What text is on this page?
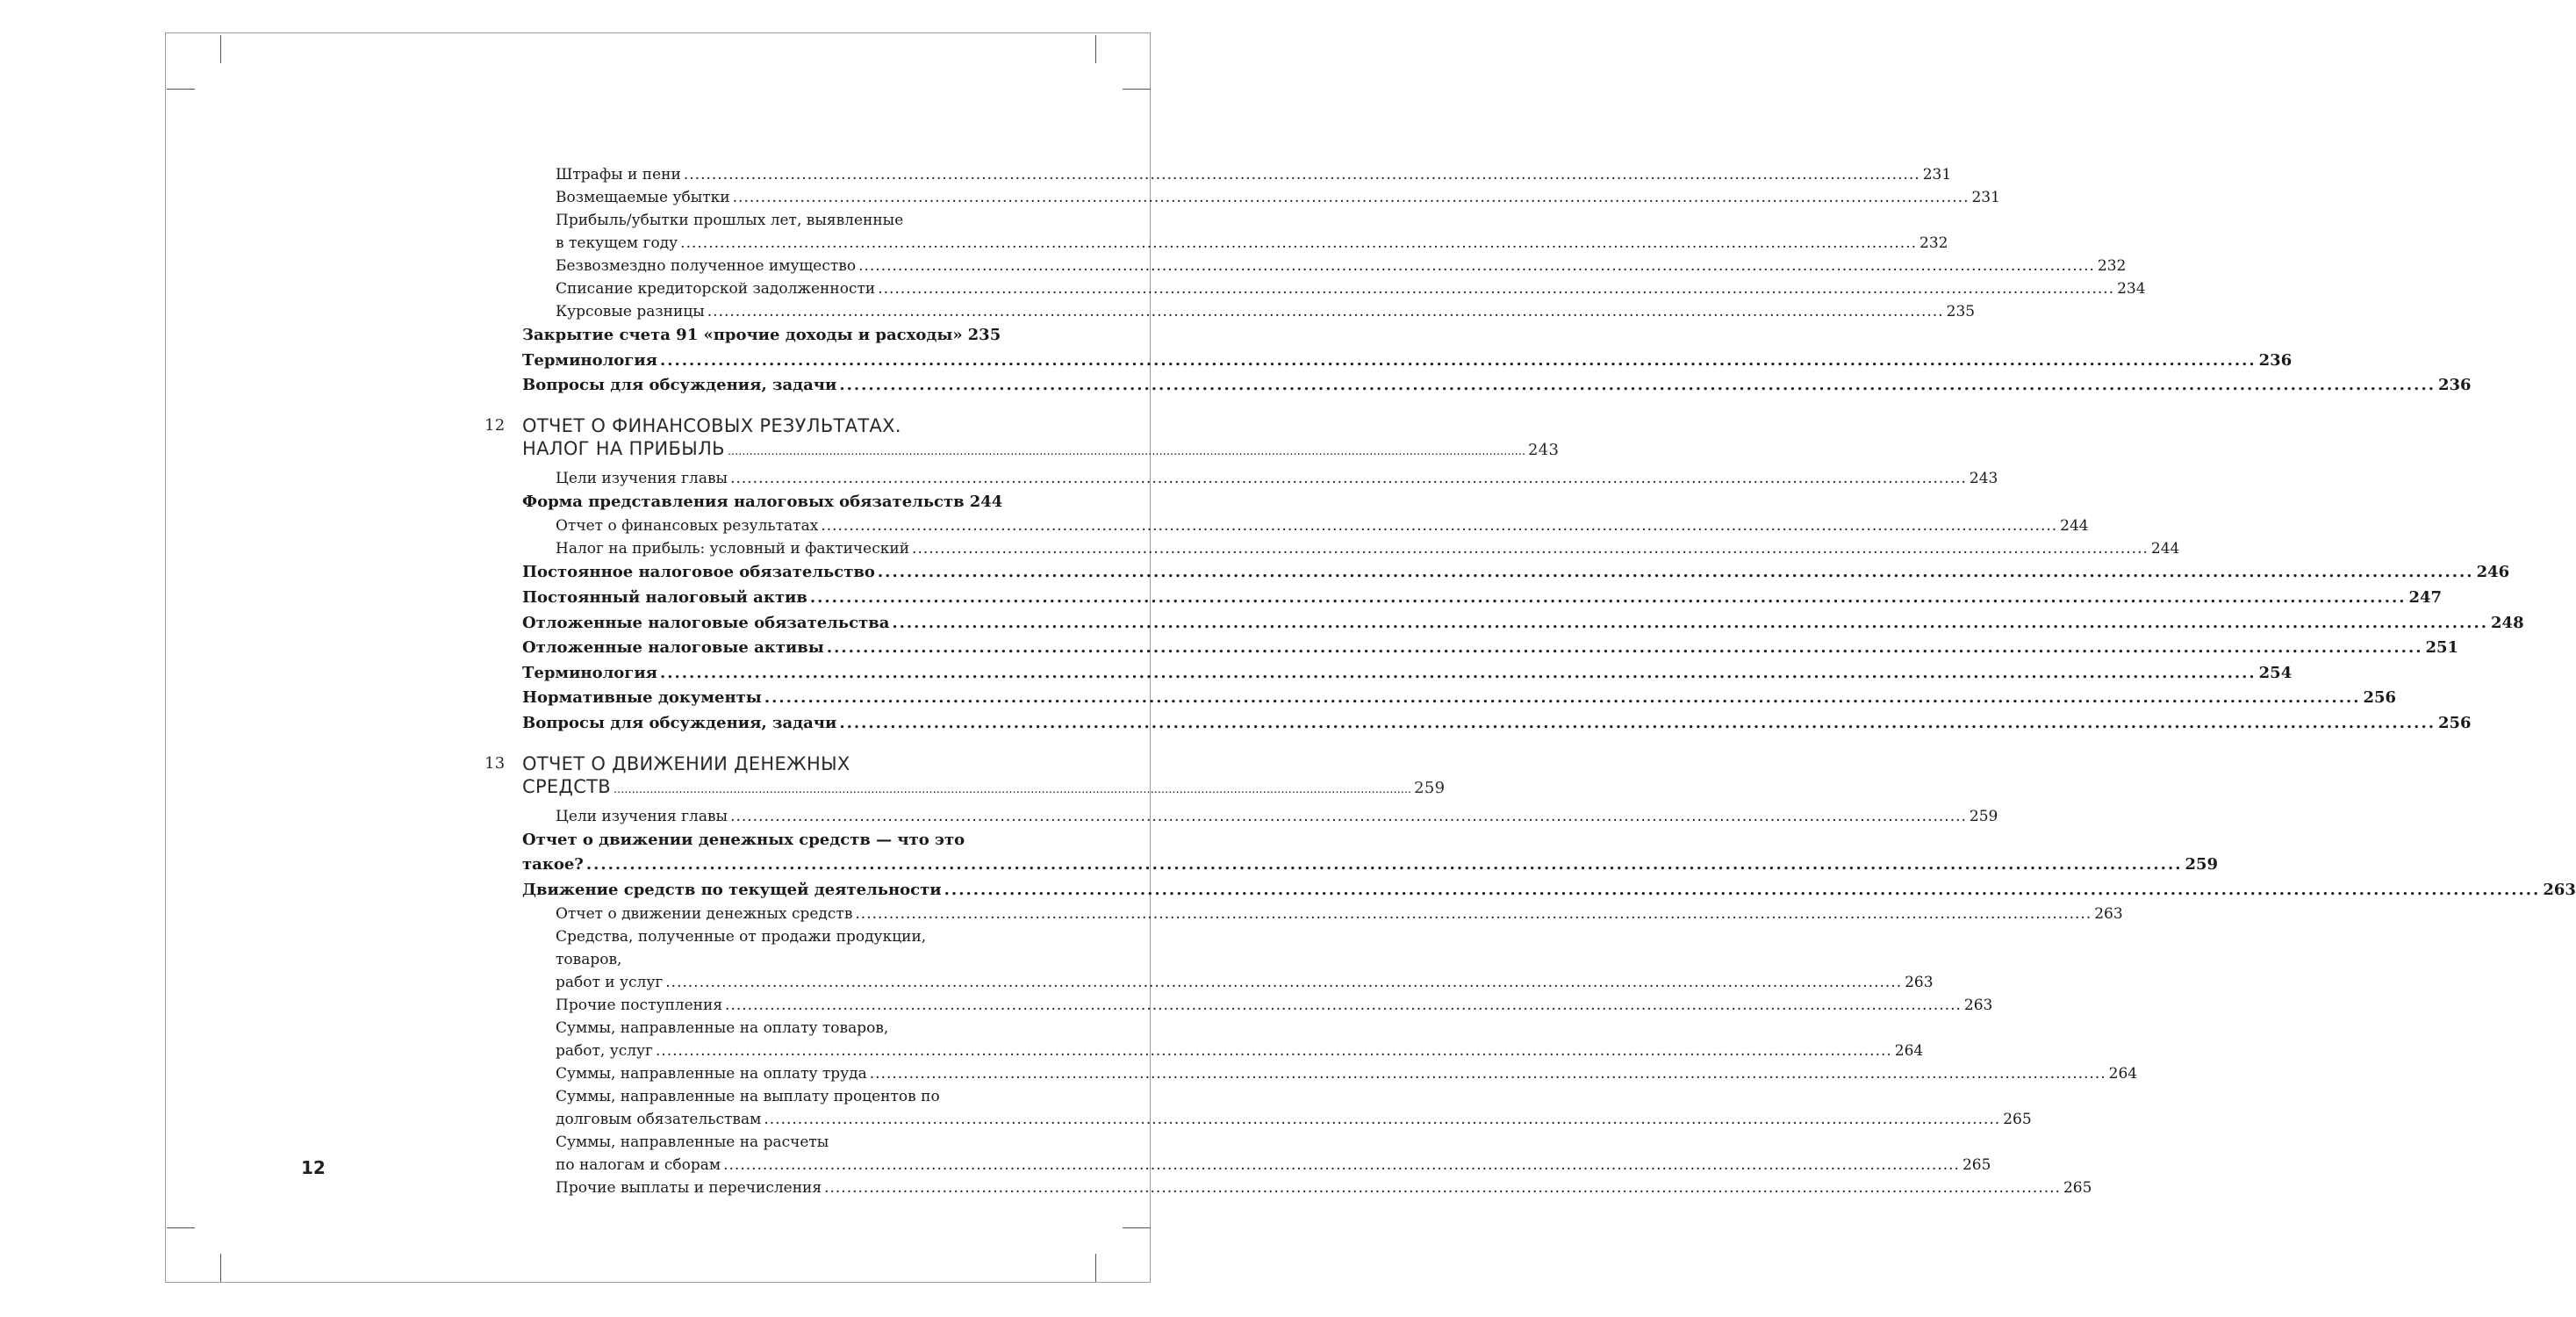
Штрафы и пени ............................................................................................................................................................................................................................ 231
Возмещаемые убытки ............................................................................................................................................................................................................................ 231
Прибыль/убытки прошлых лет, выявленные
в текущем году ............................................................................................................................................................................................................................ 232
Безвозмездно полученное имущество ............................................................................................................................................................................................................................ 232
Списание кредиторской задолженности ............................................................................................................................................................................................................................ 234
Курсовые разницы ............................................................................................................................................................................................................................ 235
Закрытие счета 91 «прочие доходы и расходы» 235
Терминология ............................................................................................................................................................................................................................ 236
Вопросы для обсуждения, задачи ............................................................................................................................................................................................................................ 236
12 ОТЧЕТ О ФИНАНСОВЫХ РЕЗУЛЬТАТАХ.
НАЛОГ НА ПРИБЫЛЬ ............................................................................................................................................................................................................................ 243
Цели изучения главы ............................................................................................................................................................................................................................ 243
Форма представления налоговых обязательств 244
Отчет о финансовых результатах ............................................................................................................................................................................................................................ 244
Налог на прибыль: условный и фактический ............................................................................................................................................................................................................................ 244
Постоянное налоговое обязательство ............................................................................................................................................................................................................................ 246
Постоянный налоговый актив ............................................................................................................................................................................................................................ 247
Отложенные налоговые обязательства ............................................................................................................................................................................................................................ 248
Отложенные налоговые активы ............................................................................................................................................................................................................................ 251
Терминология ............................................................................................................................................................................................................................ 254
Нормативные документы ............................................................................................................................................................................................................................ 256
Вопросы для обсуждения, задачи ............................................................................................................................................................................................................................ 256
13 ОТЧЕТ О ДВИЖЕНИИ ДЕНЕЖНЫХ
СРЕДСТВ ............................................................................................................................................................................................................................ 259
Цели изучения главы ............................................................................................................................................................................................................................ 259
Отчет о движении денежных средств — что это
такое? ............................................................................................................................................................................................................................ 259
Движение средств по текущей деятельности ............................................................................................................................................................................................................................ 263
Отчет о движении денежных средств ............................................................................................................................................................................................................................ 263
Средства, полученные от продажи продукции, товаров,
работ и услуг ............................................................................................................................................................................................................................ 263
Прочие поступления ............................................................................................................................................................................................................................ 263
Суммы, направленные на оплату товаров,
работ, услуг ............................................................................................................................................................................................................................ 264
Суммы, направленные на оплату труда ............................................................................................................................................................................................................................ 264
Суммы, направленные на выплату процентов по
долговым обязательствам ............................................................................................................................................................................................................................ 265
Суммы, направленные на расчеты
по налогам и сборам ............................................................................................................................................................................................................................ 265
Прочие выплаты и перечисления ............................................................................................................................................................................................................................ 265
12
